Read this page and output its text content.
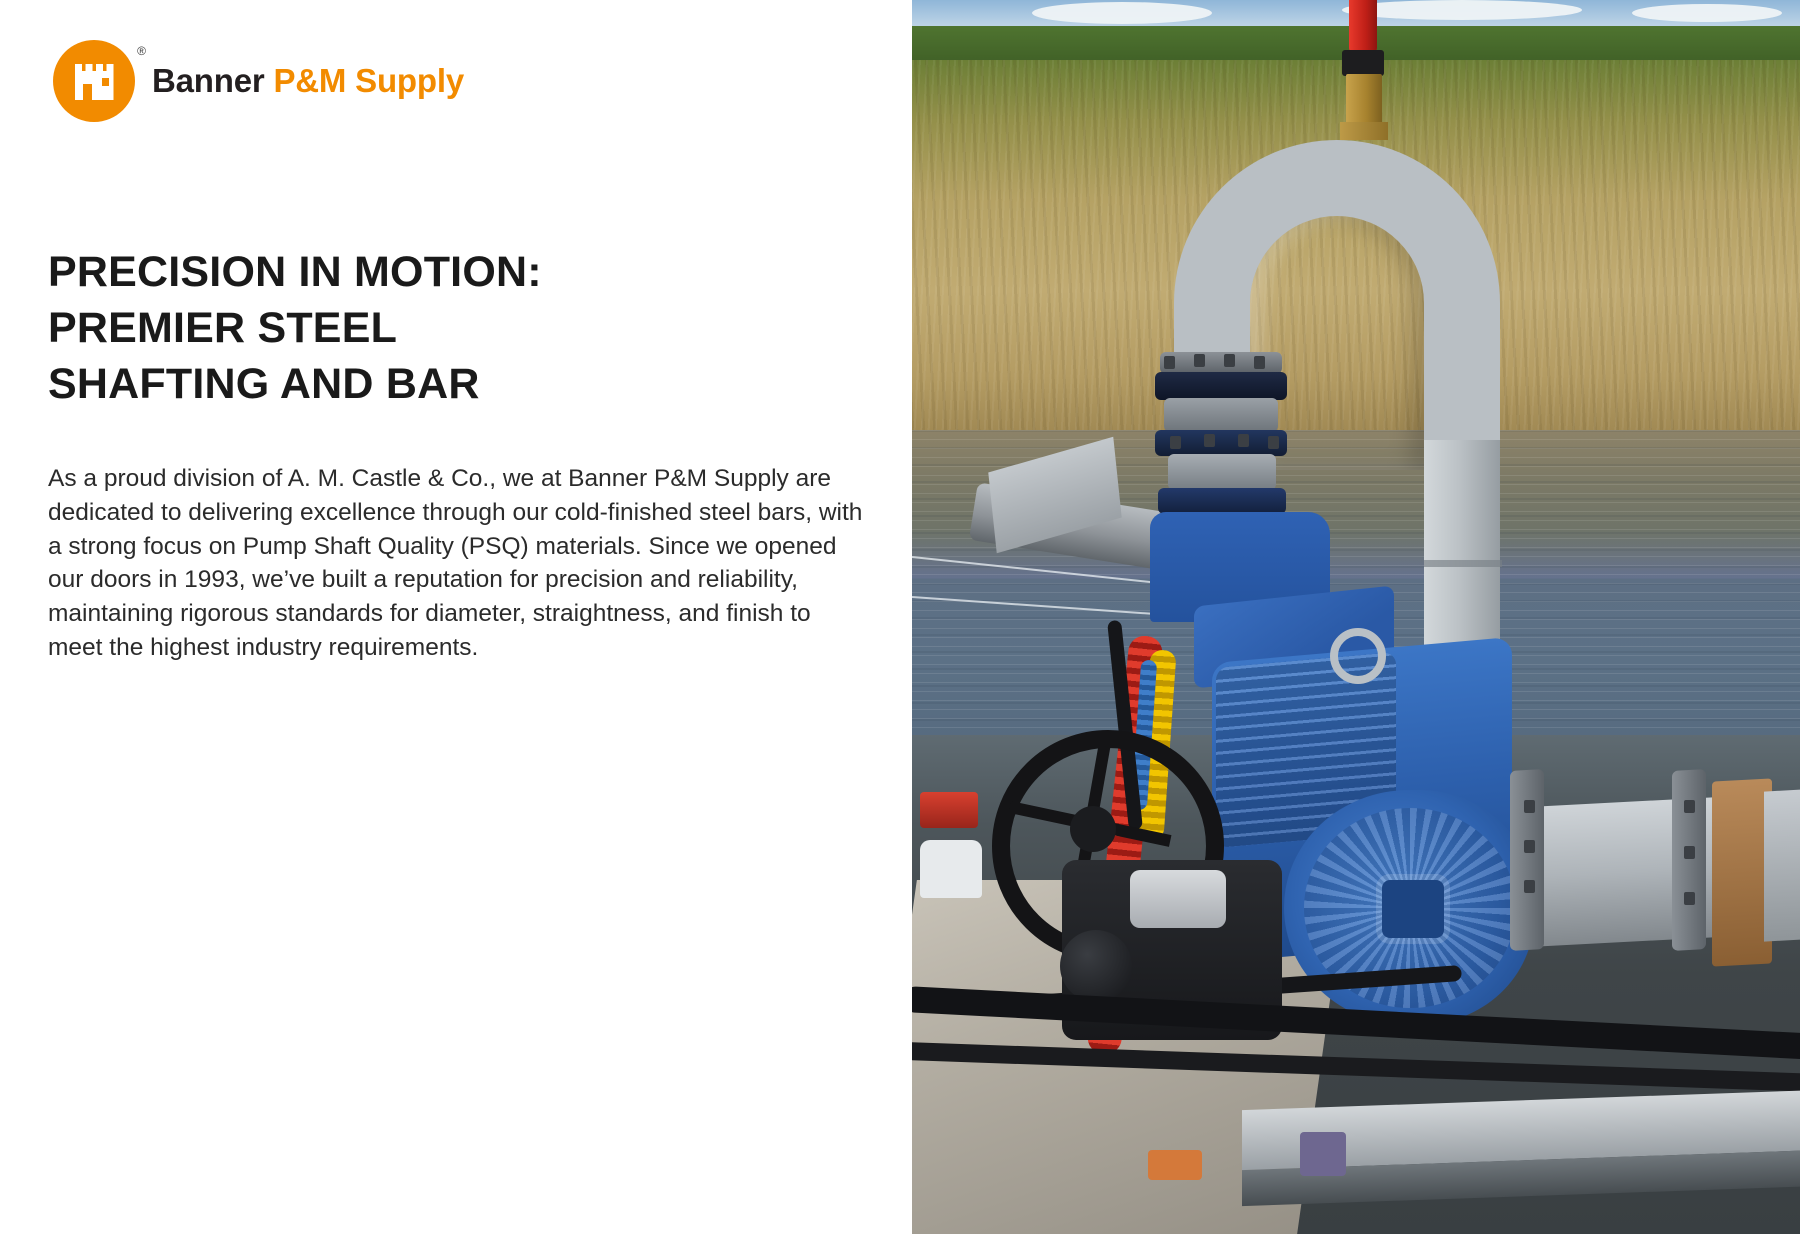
®
Banner P&M Supply
PRECISION IN MOTION:
PREMIER STEEL
SHAFTING AND BAR

As a proud division of A. M. Castle & Co., we at Banner P&M Supply are dedicated to delivering excellence through our cold-finished steel bars, with a strong focus on Pump Shaft Quality (PSQ) materials. Since we opened our doors in 1993, we’ve built a reputation for precision and reliability, maintaining rigorous standards for diameter, straightness, and finish to meet the highest industry requirements.
